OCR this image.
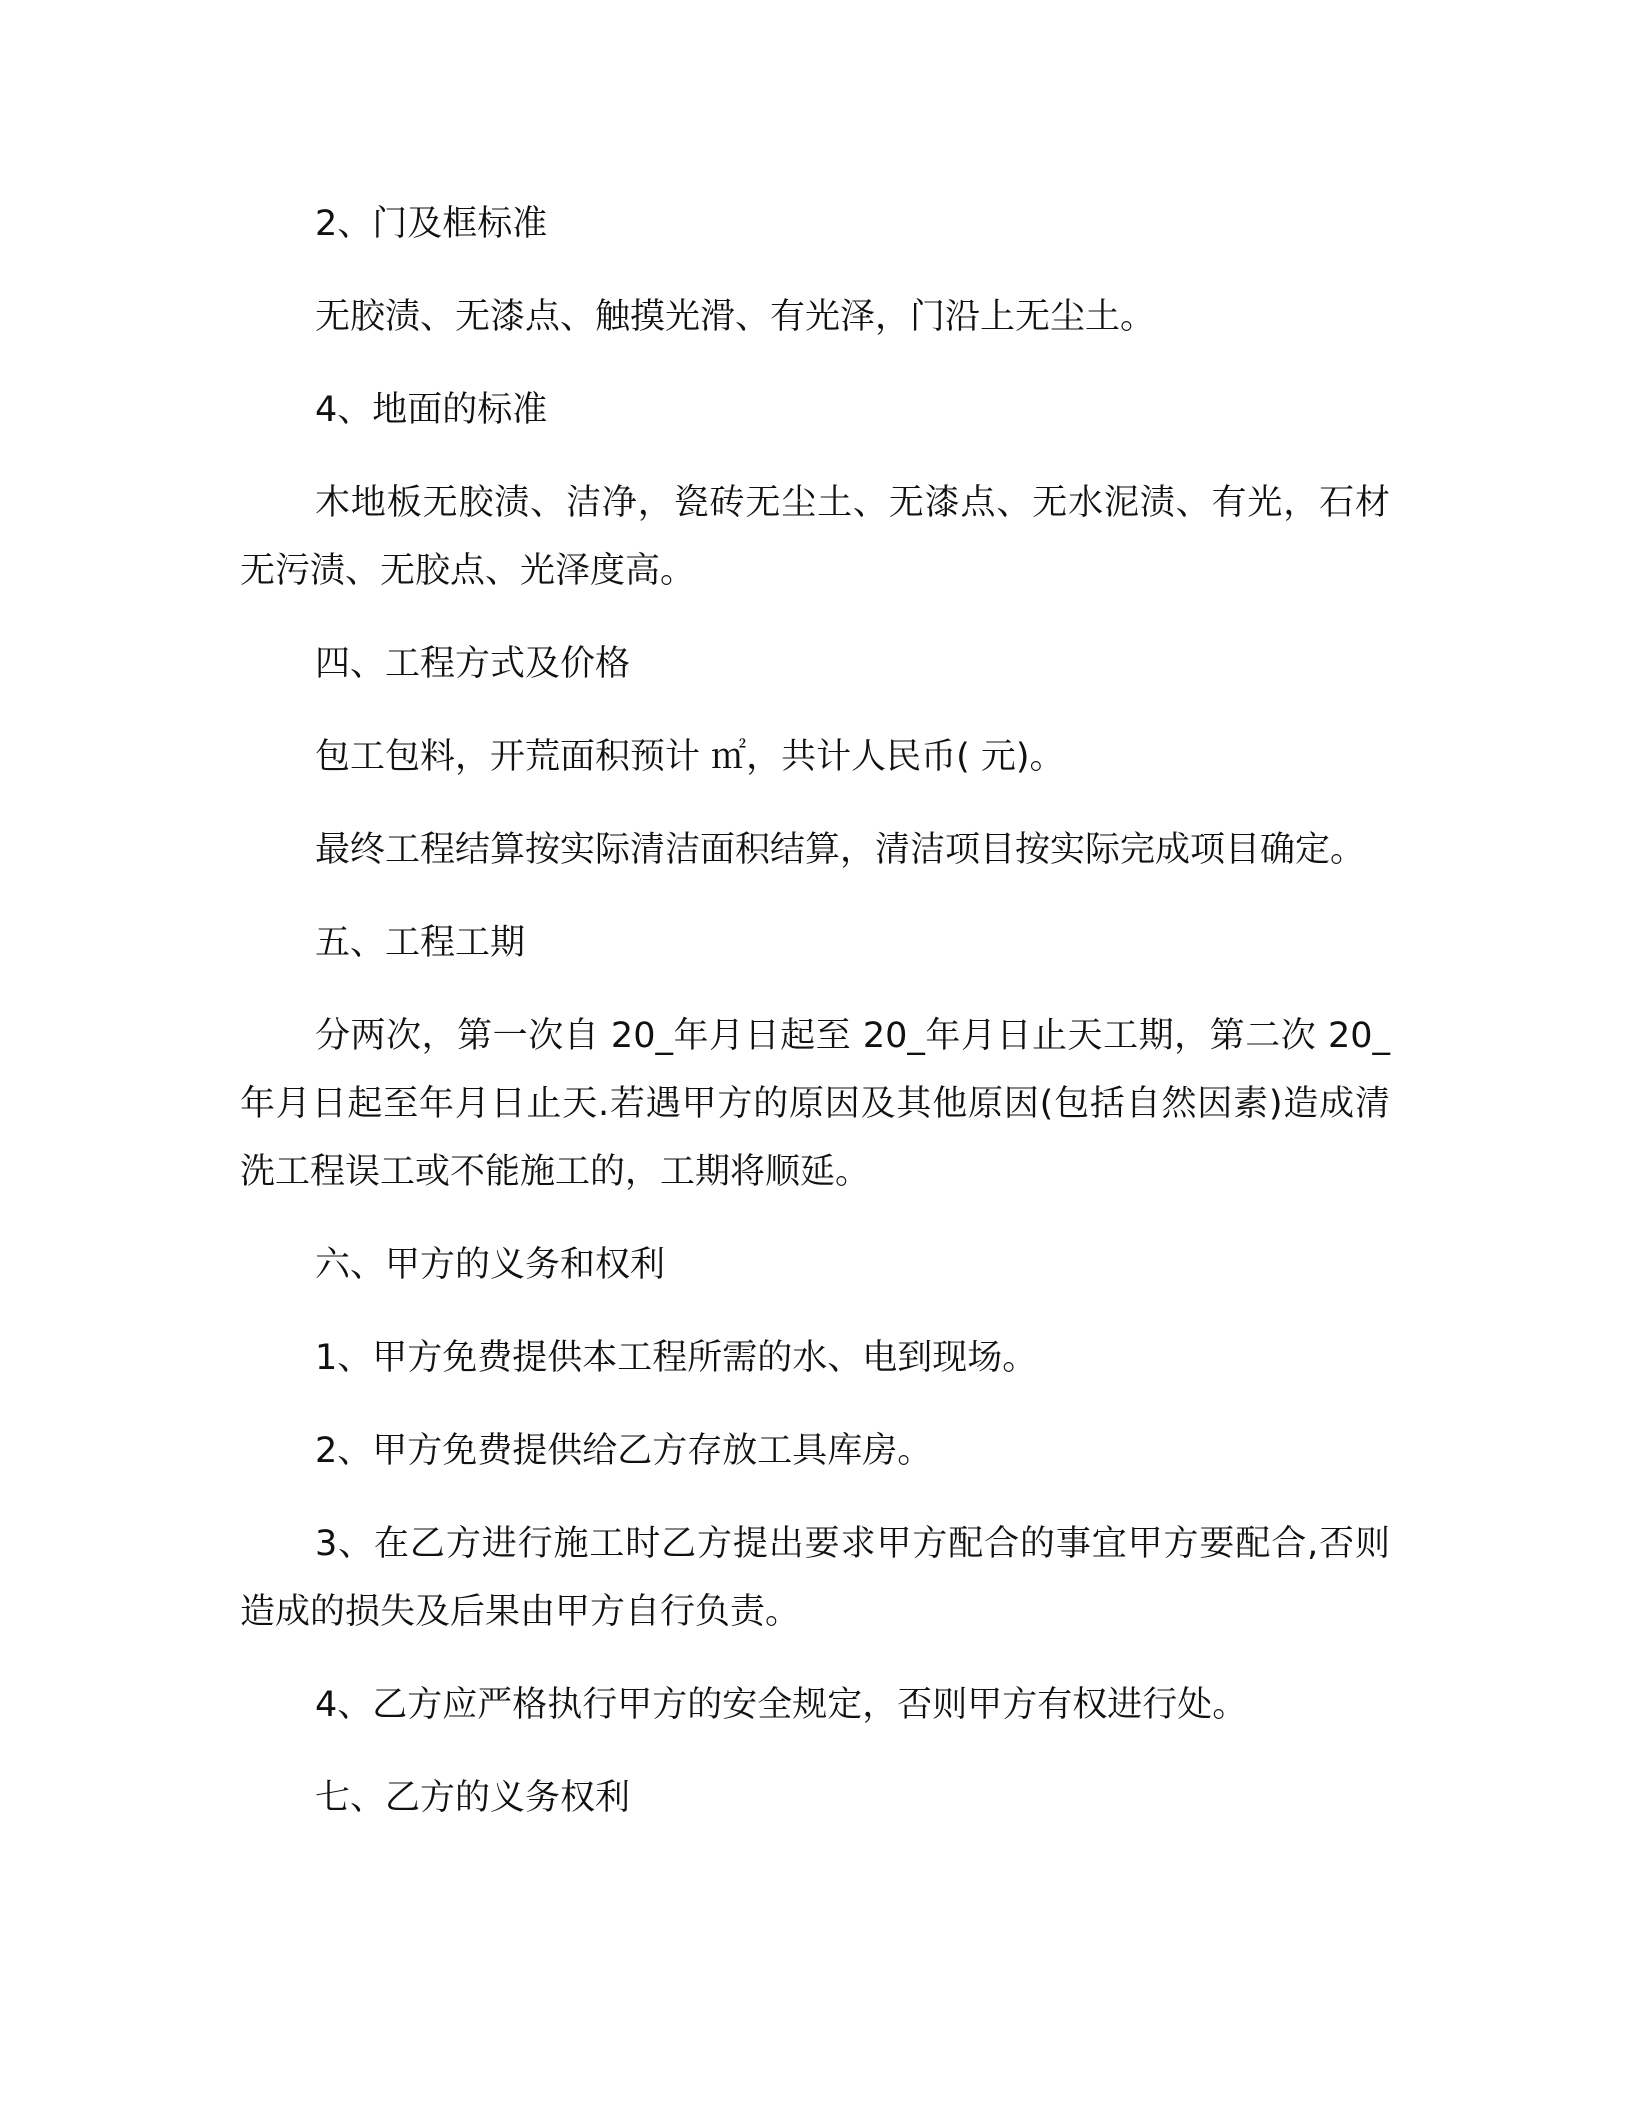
2、门及框标准

无胶渍、无漆点、触摸光滑、有光泽，门沿上无尘土。

4、地面的标准

木地板无胶渍、洁净，瓷砖无尘土、无漆点、无水泥渍、有光，石材无污渍、无胶点、光泽度高。

四、工程方式及价格

包工包料，开荒面积预计 ㎡，共计人民币( 元)。

最终工程结算按实际清洁面积结算，清洁项目按实际完成项目确定。

五、工程工期

分两次，第一次自 20_年月日起至 20_年月日止天工期，第二次 20_年月日起至年月日止天.若遇甲方的原因及其他原因(包括自然因素)造成清洗工程误工或不能施工的，工期将顺延。

六、甲方的义务和权利

1、甲方免费提供本工程所需的水、电到现场。

2、甲方免费提供给乙方存放工具库房。

3、在乙方进行施工时乙方提出要求甲方配合的事宜甲方要配合,否则造成的损失及后果由甲方自行负责。

4、乙方应严格执行甲方的安全规定，否则甲方有权进行处。

七、乙方的义务权利
